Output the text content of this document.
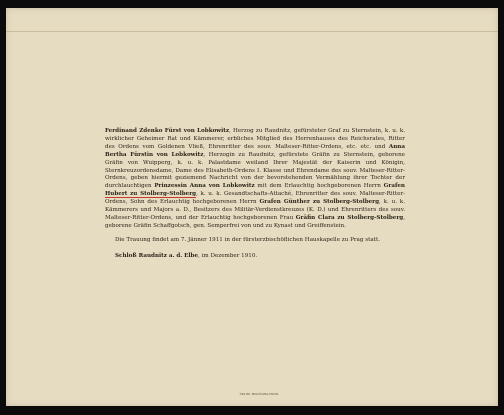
Ferdinand Zdenko Fürst von Lobkowitz, Herzog zu Raudnitz, gefürsteter Graf zu Sternstein, k. u. k. wirklicher Geheimer Rat und Kämmerer, erbliches Mitglied des Herrenhauses des Reichsrates, Ritter des Ordens vom Goldenen Vließ, Ehrenritter des souv. Malteser-Ritter-Ordens, etc. etc. und Anna Bertha Fürstin von Lobkowitz, Herzogin zu Raudnitz, gefürstete Gräfin zu Sternstein, geborene Gräfin von Wuipperg, k. u. k. Palastdame weiland Ihrer Majestät der Kaiserin und Königin, Sternkreuzordensdame, Dame des Elisabeth-Ordens I. Klasse und Ehrendame des souv. Malteser-Ritter-Ordens, geben hiermit geziemend Nachricht von der bevorstehenden Vermählung ihrer Tochter der durchlauchtigen Prinzessin Anna von Lobkowitz mit dem Erlauchtig hochgeborenen Herrn Grafen Hubert zu Stolberg-Stolberg, k. u. k. Gesandtschafts-Attaché, Ehrenritter des souv. Malteser-Ritter-Ordens, Sohn des Erlauchtig hochgeborenen Herrn Grafen Günther zu Stolberg-Stolberg, k. u. k. Kämmerers und Majors a. D., Besitzers des Militär-Verdienstkreuzes (K. D.) und Ehrenritters des souv. Malteser-Ritter-Ordens, und der Erlauchtig hochgeborenen Frau Gräfin Clara zu Stolberg-Stolberg, geborene Gräfin Schaffgotsch, gen. Semperfrei von und zu Kynast und Greiffenstein.

Die Trauung findet am 7. Jänner 1911 in der fürsterzbischöflichen Hauskapelle zu Prag statt.

Schloß Raudnitz a. d. Elbe, im Dezember 1910.

TISK BR. PROCHÁZKA PRAHA
